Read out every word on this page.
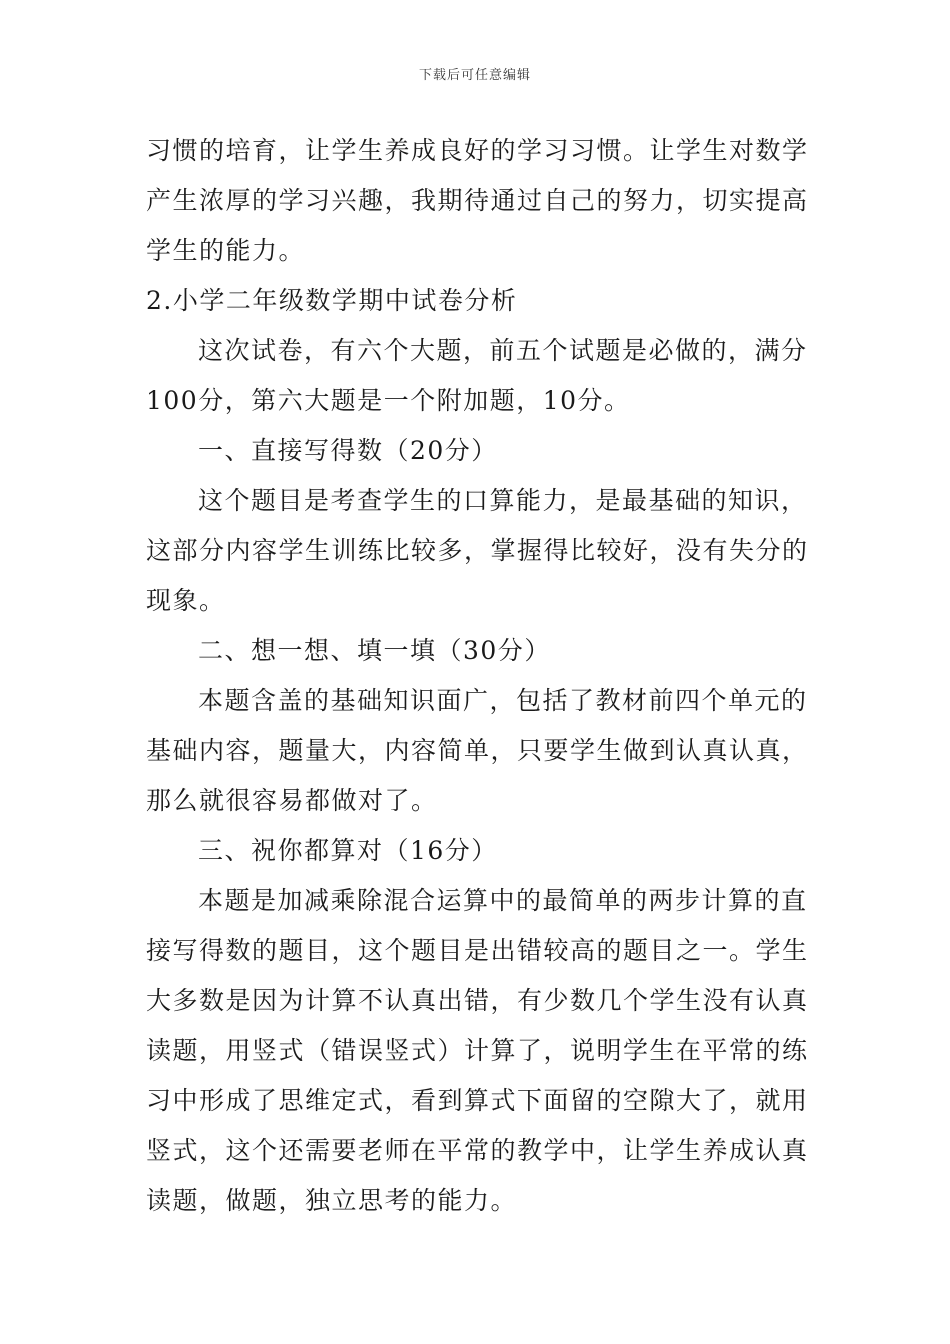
下载后可任意编辑
习惯的培育，让学生养成良好的学习习惯。让学生对数学
产生浓厚的学习兴趣，我期待通过自己的努力，切实提高
学生的能力。
2.小学二年级数学期中试卷分析
这次试卷，有六个大题，前五个试题是必做的，满分
100分，第六大题是一个附加题，10分。
一、直接写得数（20分）
这个题目是考查学生的口算能力，是最基础的知识，
这部分内容学生训练比较多，掌握得比较好，没有失分的
现象。
二、想一想、填一填（30分）
本题含盖的基础知识面广，包括了教材前四个单元的
基础内容，题量大，内容简单，只要学生做到认真认真，
那么就很容易都做对了。
三、祝你都算对（16分）
本题是加减乘除混合运算中的最简单的两步计算的直
接写得数的题目，这个题目是出错较高的题目之一。学生
大多数是因为计算不认真出错，有少数几个学生没有认真
读题，用竖式（错误竖式）计算了，说明学生在平常的练
习中形成了思维定式，看到算式下面留的空隙大了，就用
竖式，这个还需要老师在平常的教学中，让学生养成认真
读题，做题，独立思考的能力。
